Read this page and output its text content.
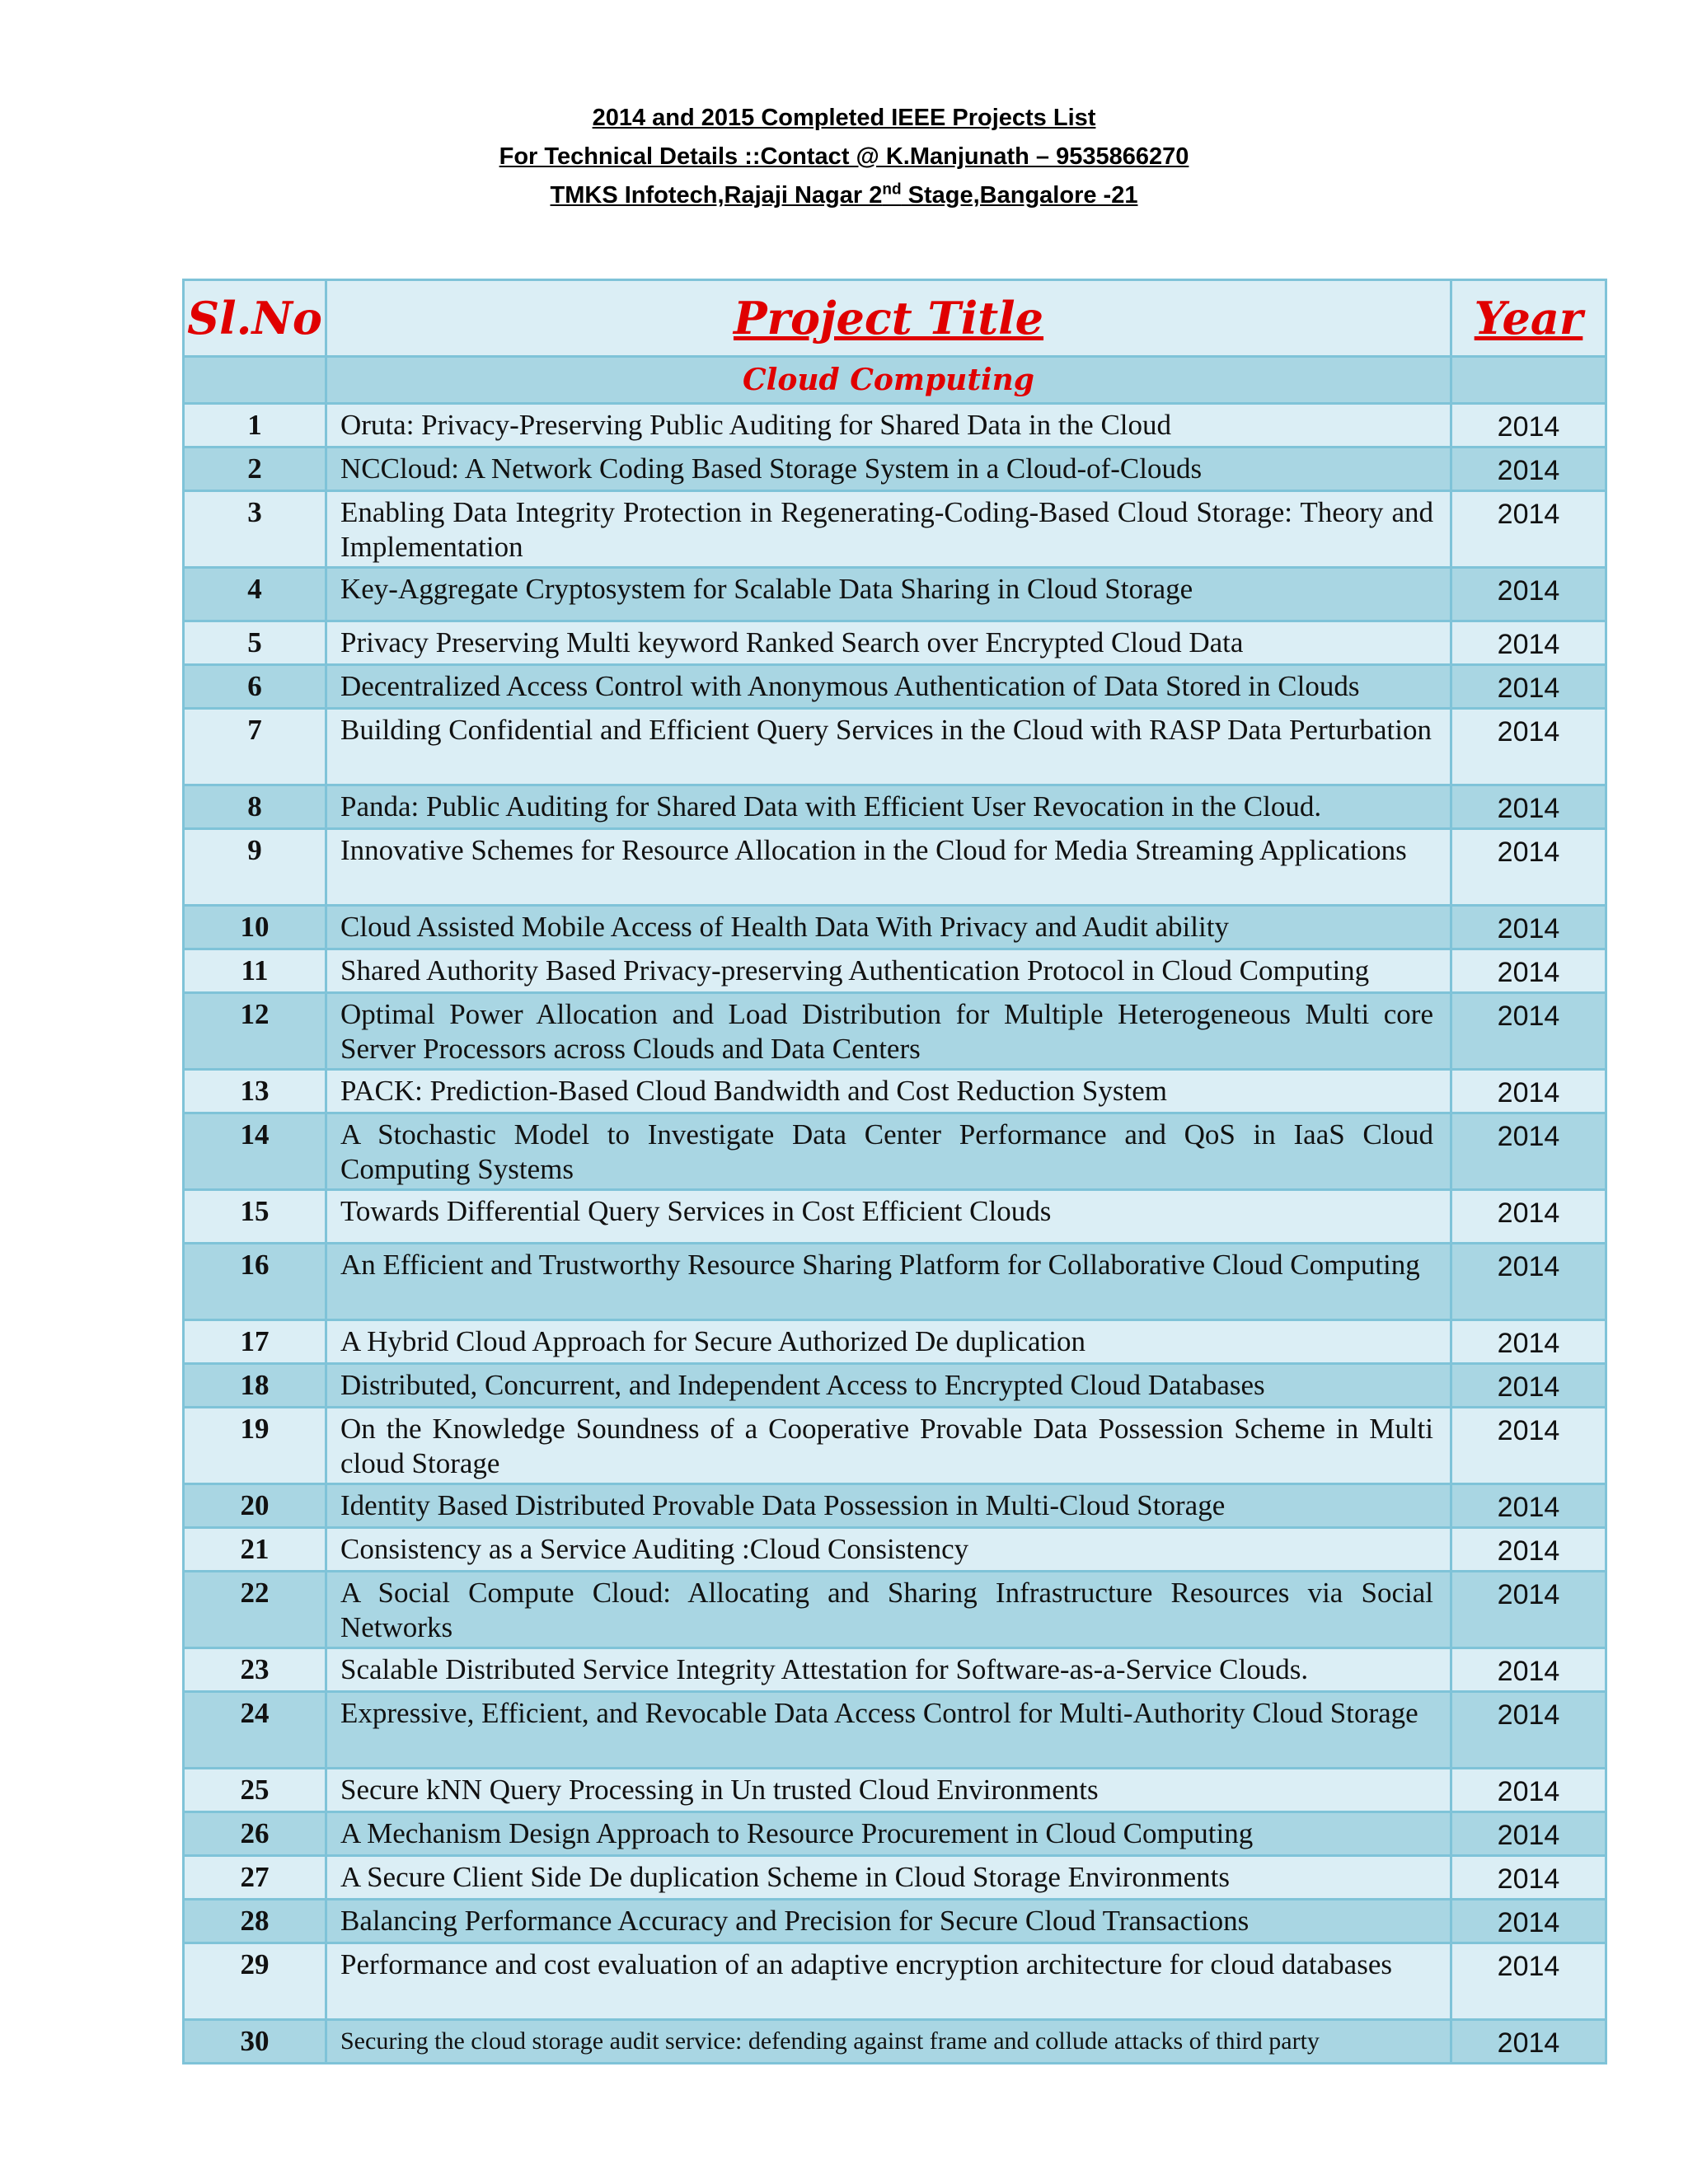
2014 and 2015 Completed IEEE Projects List
For Technical Details ::Contact @ K.Manjunath – 9535866270
TMKS Infotech,Rajaji Nagar 2nd Stage,Bangalore -21
Sl.No	Project Title	Year
	Cloud Computing	
1	Oruta: Privacy-Preserving Public Auditing for Shared Data in the Cloud	2014
2	NCCloud: A Network Coding Based Storage System in a Cloud-of-Clouds	2014
3	Enabling Data Integrity Protection in Regenerating-Coding-Based Cloud Storage: Theory and Implementation	2014
4	Key-Aggregate Cryptosystem for Scalable Data Sharing in Cloud Storage	2014
5	Privacy Preserving Multi keyword Ranked Search over Encrypted Cloud Data	2014
6	Decentralized Access Control with Anonymous Authentication of Data Stored in Clouds	2014
7	Building Confidential and Efficient Query Services in the Cloud with RASP Data Perturbation	2014
8	Panda: Public Auditing for Shared Data with Efficient User Revocation in the Cloud.	2014
9	Innovative Schemes for Resource Allocation in the Cloud for Media Streaming Applications	2014
10	Cloud Assisted Mobile Access of Health Data With Privacy and Audit ability	2014
11	Shared Authority Based Privacy-preserving Authentication Protocol in Cloud Computing	2014
12	Optimal Power Allocation and Load Distribution for Multiple Heterogeneous Multi core Server Processors across Clouds and Data Centers	2014
13	PACK: Prediction-Based Cloud Bandwidth and Cost Reduction System	2014
14	A Stochastic Model to Investigate Data Center Performance and QoS in IaaS Cloud Computing Systems	2014
15	Towards Differential Query Services in Cost Efficient Clouds	2014
16	An Efficient and Trustworthy Resource Sharing Platform for Collaborative Cloud Computing	2014
17	A Hybrid Cloud Approach for Secure Authorized De duplication	2014
18	Distributed, Concurrent, and Independent Access to Encrypted Cloud Databases	2014
19	On the Knowledge Soundness of a Cooperative Provable Data Possession Scheme in Multi cloud Storage	2014
20	Identity Based Distributed Provable Data Possession in Multi-Cloud Storage	2014
21	Consistency as a Service Auditing :Cloud Consistency	2014
22	A Social Compute Cloud: Allocating and Sharing Infrastructure Resources via Social Networks	2014
23	Scalable Distributed Service Integrity Attestation for Software-as-a-Service Clouds.	2014
24	Expressive, Efficient, and Revocable Data Access Control for Multi-Authority Cloud Storage	2014
25	Secure kNN Query Processing in Un trusted Cloud Environments	2014
26	A Mechanism Design Approach to Resource Procurement in Cloud Computing	2014
27	A Secure Client Side De duplication Scheme in Cloud Storage Environments	2014
28	Balancing Performance Accuracy and Precision for Secure Cloud Transactions	2014
29	Performance and cost evaluation of an adaptive encryption architecture for cloud databases	2014
30	Securing the cloud storage audit service: defending against frame and collude attacks of third party	2014
